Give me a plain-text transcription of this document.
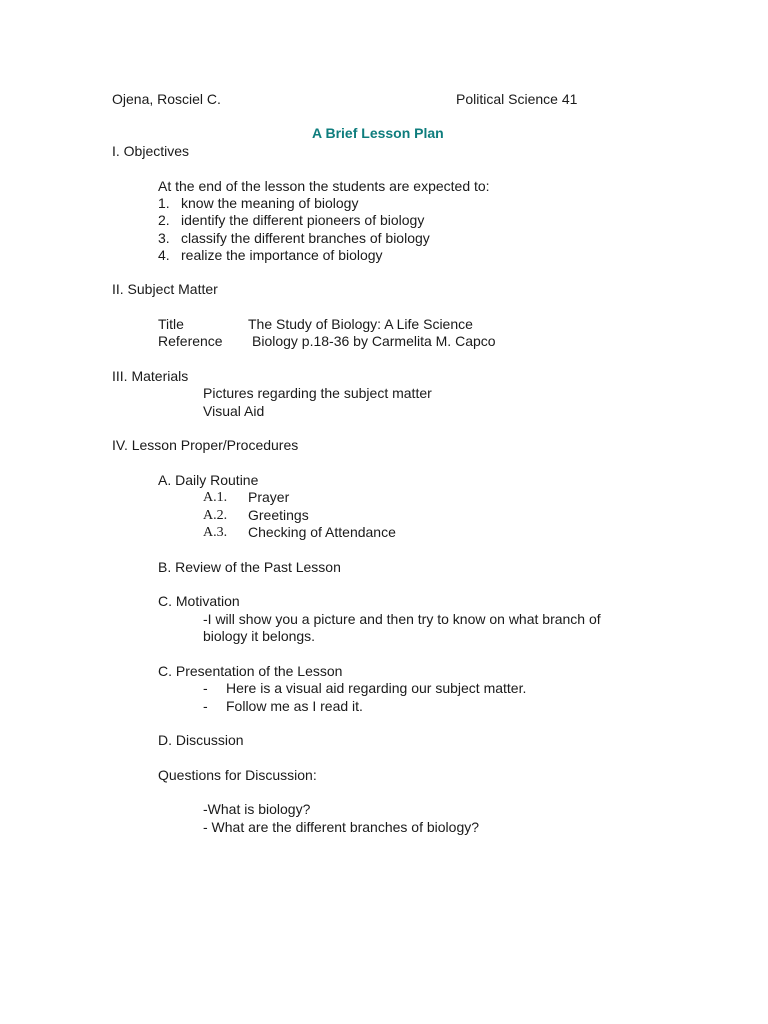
Ojena, Rosciel C.	Political Science 41
A Brief Lesson Plan
I. Objectives
At the end of the lesson the students are expected to:
1. know the meaning of biology
2. identify the different pioneers of biology
3. classify the different branches of biology
4. realize the importance of biology
II. Subject Matter
Title	The Study of Biology: A Life Science
Reference Biology p.18-36 by Carmelita M. Capco
III. Materials
Pictures regarding the subject matter
Visual Aid
IV. Lesson Proper/Procedures
A. Daily Routine
A.1. Prayer
A.2. Greetings
A.3. Checking of Attendance
B. Review of the Past Lesson
C. Motivation
-I will show you a picture and then try to know on what branch of
biology it belongs.
C. Presentation of the Lesson
- Here is a visual aid regarding our subject matter.
- Follow me as I read it.
D. Discussion
Questions for Discussion:
-What is biology?
- What are the different branches of biology?
